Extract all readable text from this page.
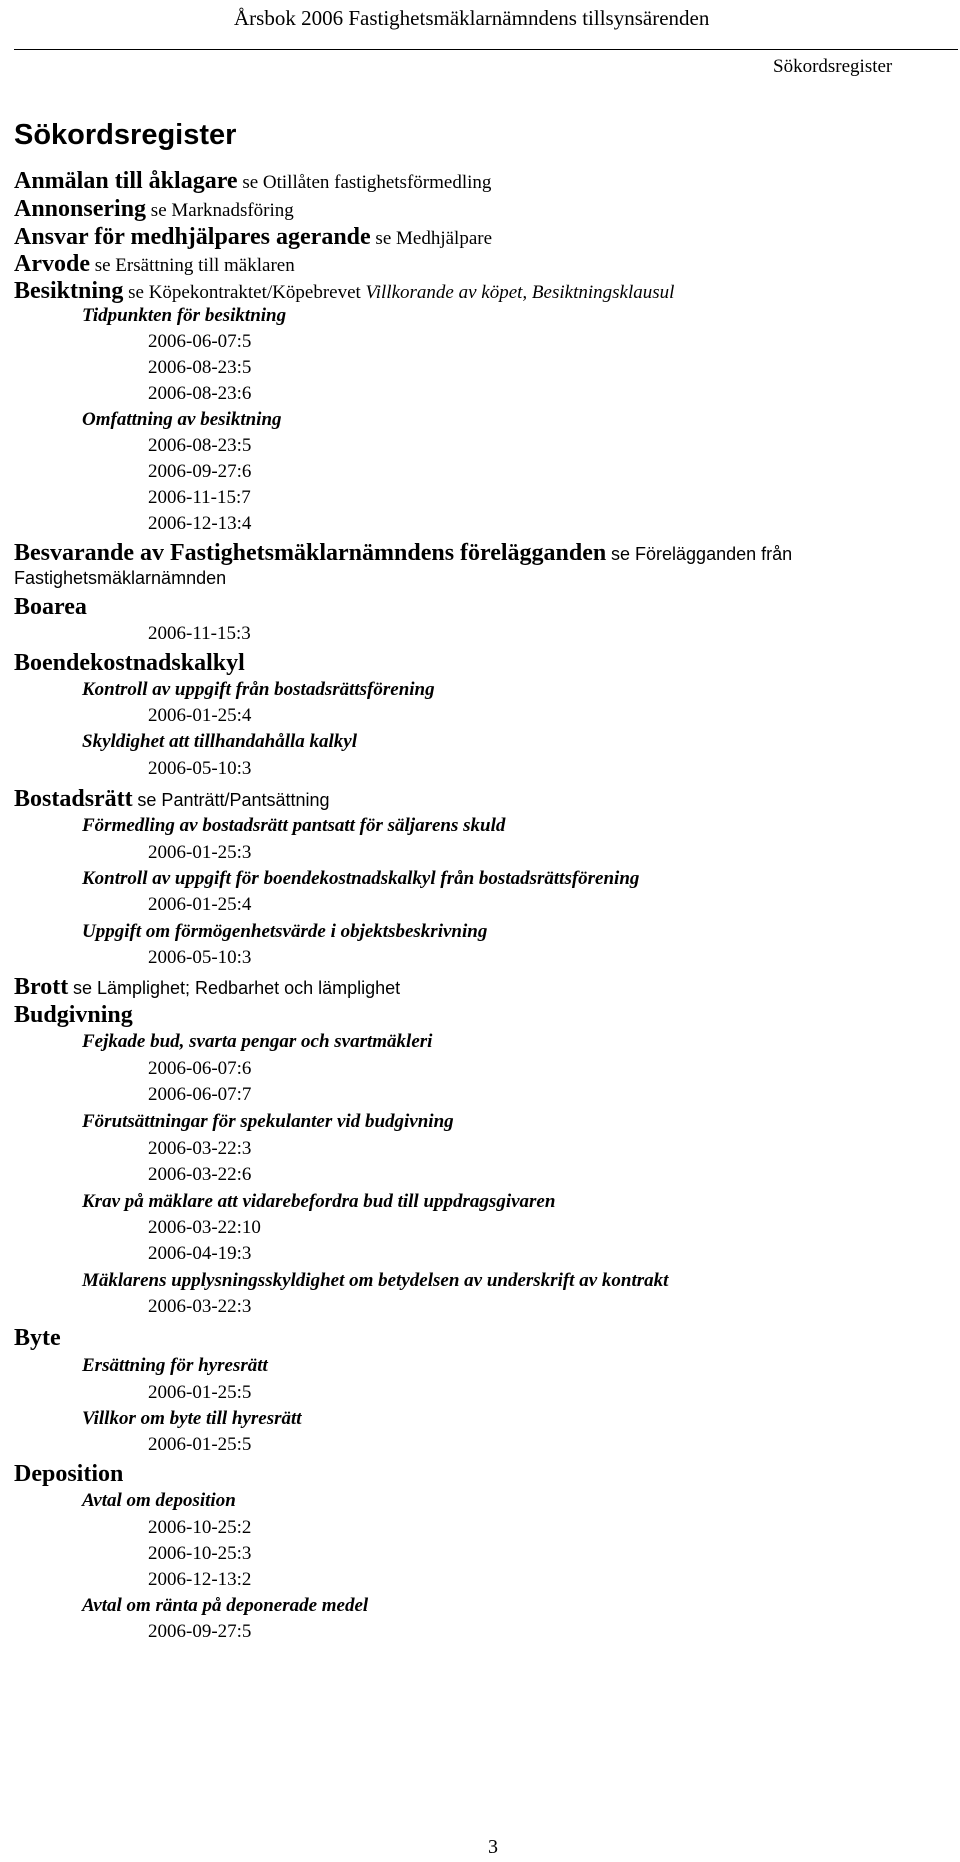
Årsbok 2006 Fastighetsmäklarnämndens tillsynsärenden
Sökordsregister
Sökordsregister
Anmälan till åklagare se Otillåten fastighetsförmedling
Annonsering se Marknadsföring
Ansvar för medhjälpares agerande se Medhjälpare
Arvode se Ersättning till mäklaren
Besiktning se Köpekontraktet/Köpebrevet Villkorande av köpet, Besiktningsklausul
Tidpunkten för besiktning
2006-06-07:5
2006-08-23:5
2006-08-23:6
Omfattning av besiktning
2006-08-23:5
2006-09-27:6
2006-11-15:7
2006-12-13:4
Besvarande av Fastighetsmäklarnämndens förelägganden se Förelägganden från
Fastighetsmäklarnämnden
Boarea
2006-11-15:3
Boendekostnadskalkyl
Kontroll av uppgift från bostadsrättsförening
2006-01-25:4
Skyldighet att tillhandahålla kalkyl
2006-05-10:3
Bostadsrätt se Panträtt/Pantsättning
Förmedling av bostadsrätt pantsatt för säljarens skuld
2006-01-25:3
Kontroll av uppgift för boendekostnadskalkyl från bostadsrättsförening
2006-01-25:4
Uppgift om förmögenhetsvärde i objektsbeskrivning
2006-05-10:3
Brott se Lämplighet; Redbarhet och lämplighet
Budgivning
Fejkade bud, svarta pengar och svartmäkleri
2006-06-07:6
2006-06-07:7
Förutsättningar för spekulanter vid budgivning
2006-03-22:3
2006-03-22:6
Krav på mäklare att vidarebefordra bud till uppdragsgivaren
2006-03-22:10
2006-04-19:3
Mäklarens upplysningsskyldighet om betydelsen av underskrift av kontrakt
2006-03-22:3
Byte
Ersättning för hyresrätt
2006-01-25:5
Villkor om byte till hyresrätt
2006-01-25:5
Deposition
Avtal om deposition
2006-10-25:2
2006-10-25:3
2006-12-13:2
Avtal om ränta på deponerade medel
2006-09-27:5
3
